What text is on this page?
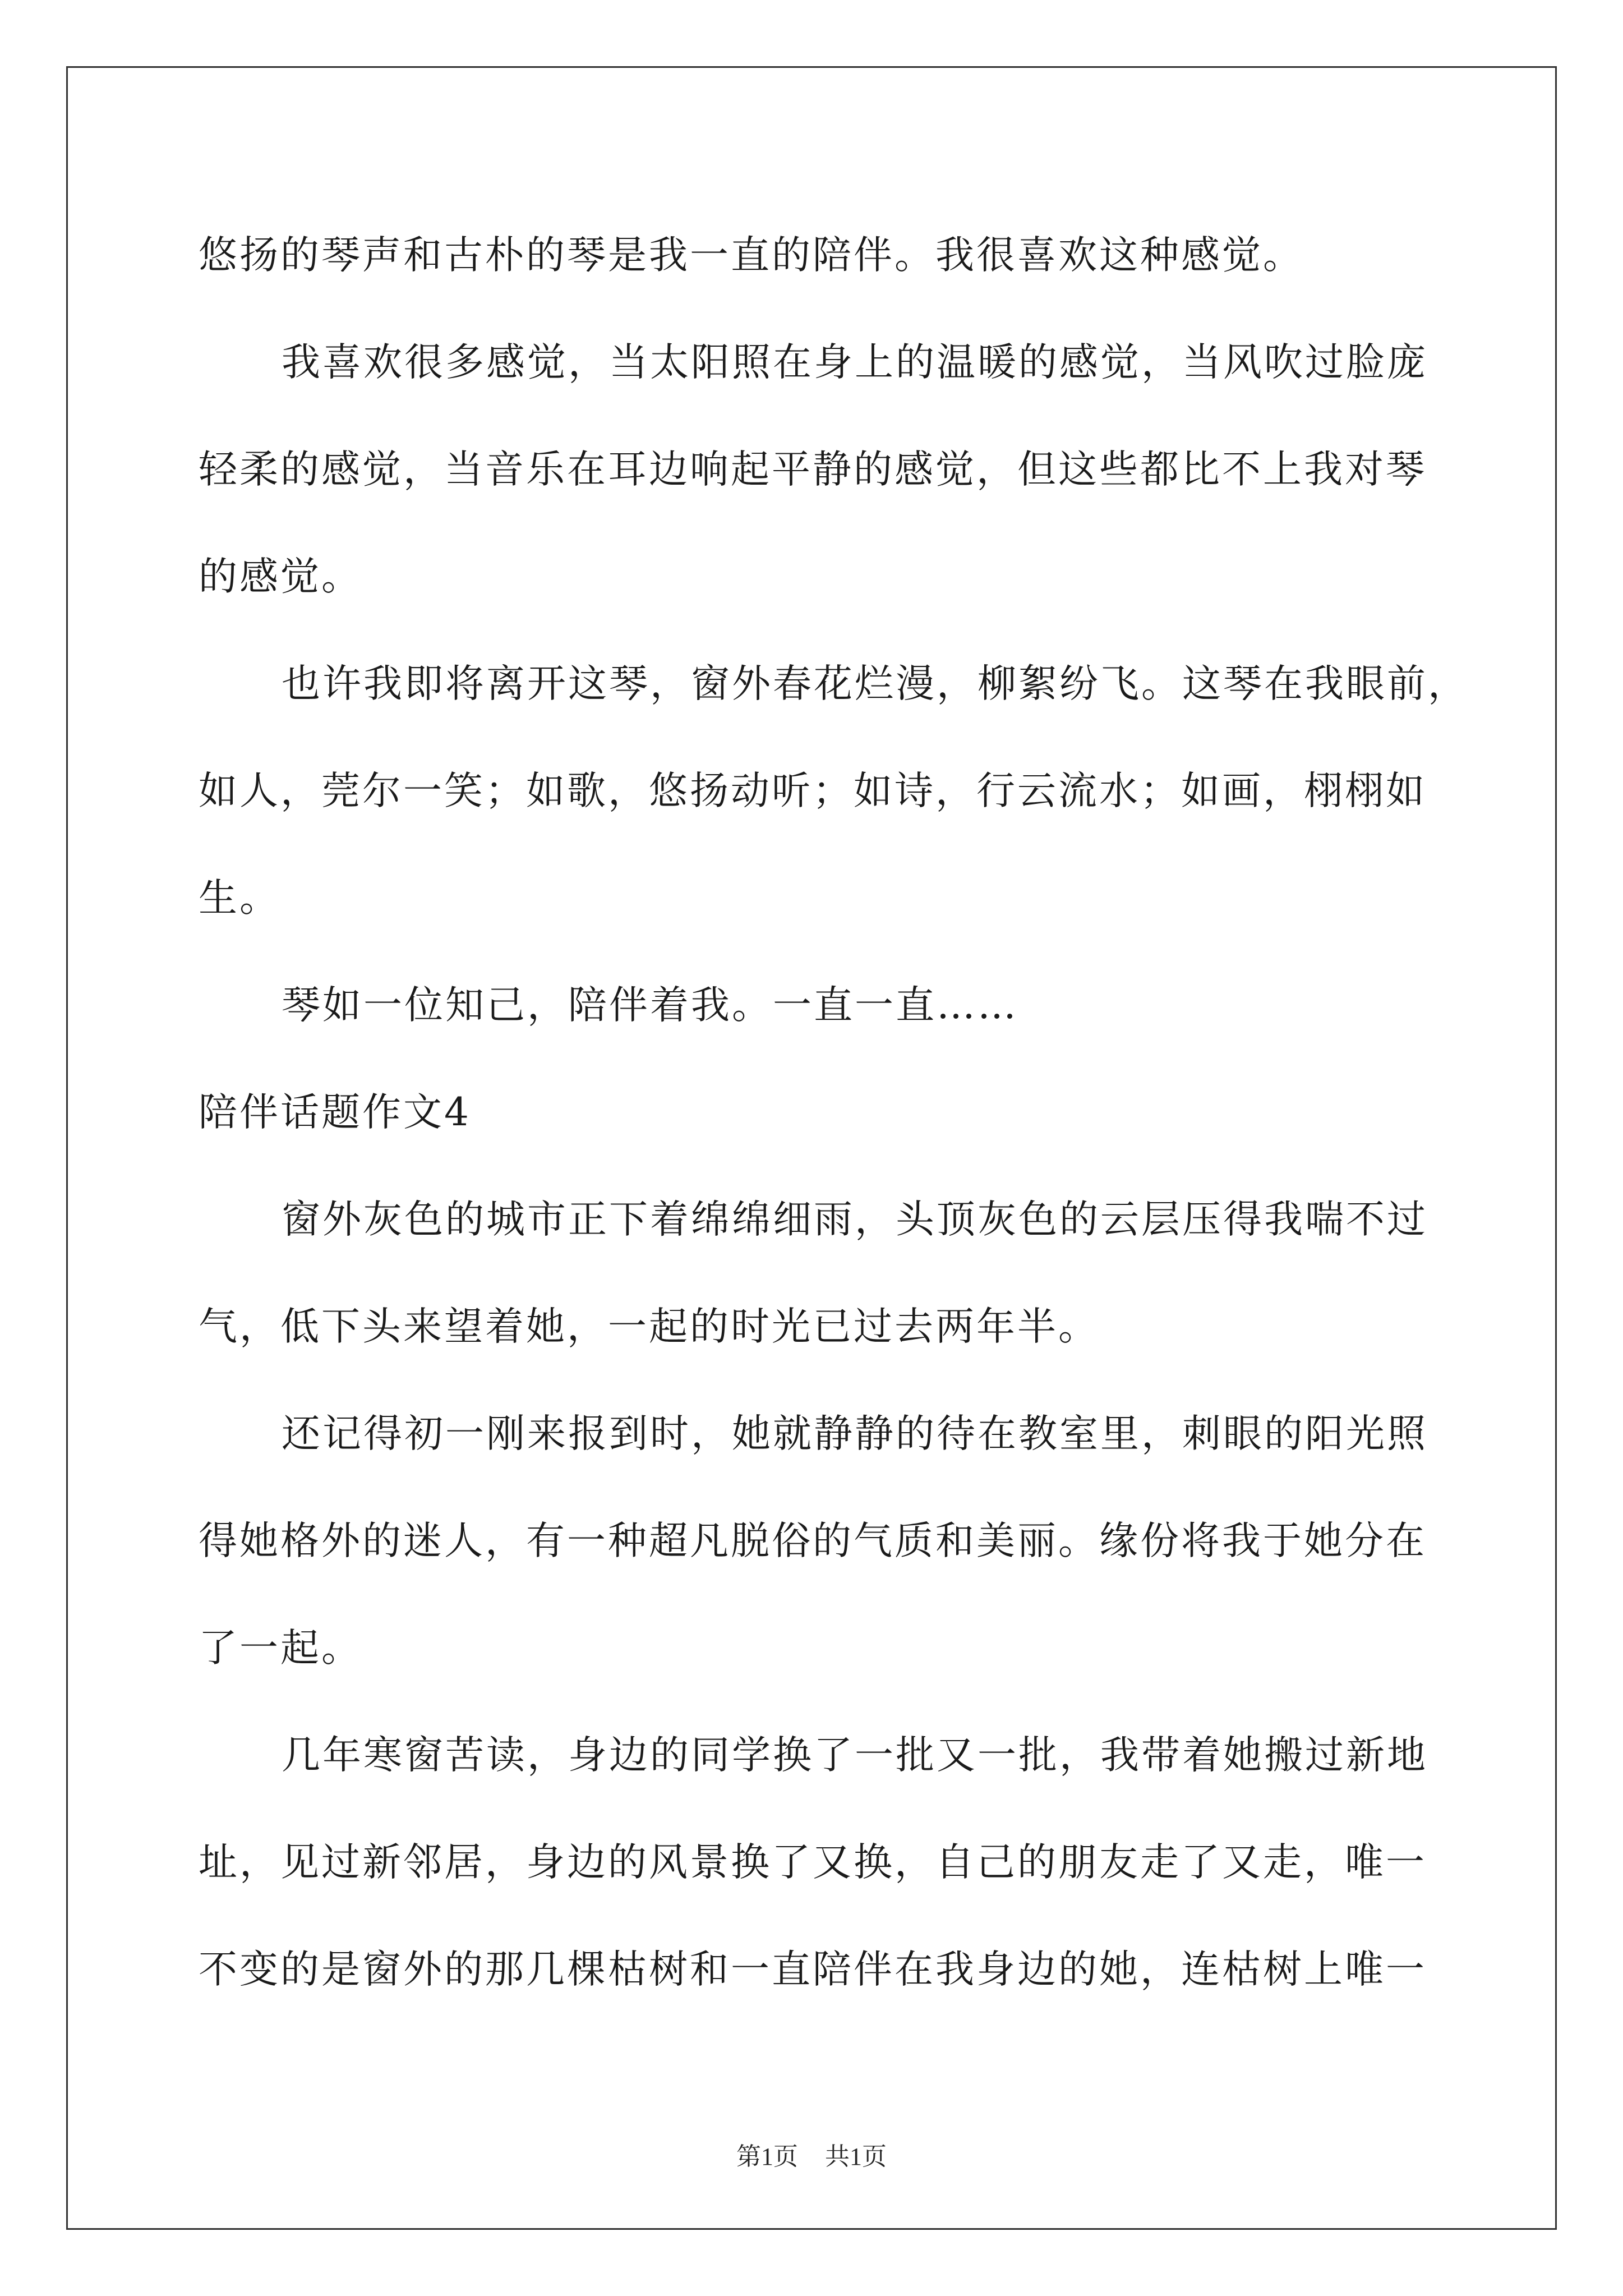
悠扬的琴声和古朴的琴是我一直的陪伴。我很喜欢这种感觉。
我喜欢很多感觉，当太阳照在身上的温暖的感觉，当风吹过脸庞
轻柔的感觉，当音乐在耳边响起平静的感觉，但这些都比不上我对琴
的感觉。
也许我即将离开这琴，窗外春花烂漫，柳絮纷飞。这琴在我眼前，
如人，莞尔一笑；如歌，悠扬动听；如诗，行云流水；如画，栩栩如
生。
琴如一位知己，陪伴着我。一直一直……
陪伴话题作文4
窗外灰色的城市正下着绵绵细雨，头顶灰色的云层压得我喘不过
气，低下头来望着她，一起的时光已过去两年半。
还记得初一刚来报到时，她就静静的待在教室里，刺眼的阳光照
得她格外的迷人，有一种超凡脱俗的气质和美丽。缘份将我于她分在
了一起。
几年寒窗苦读，身边的同学换了一批又一批，我带着她搬过新地
址，见过新邻居，身边的风景换了又换，自己的朋友走了又走，唯一
不变的是窗外的那几棵枯树和一直陪伴在我身边的她，连枯树上唯一
第1页 共1页
